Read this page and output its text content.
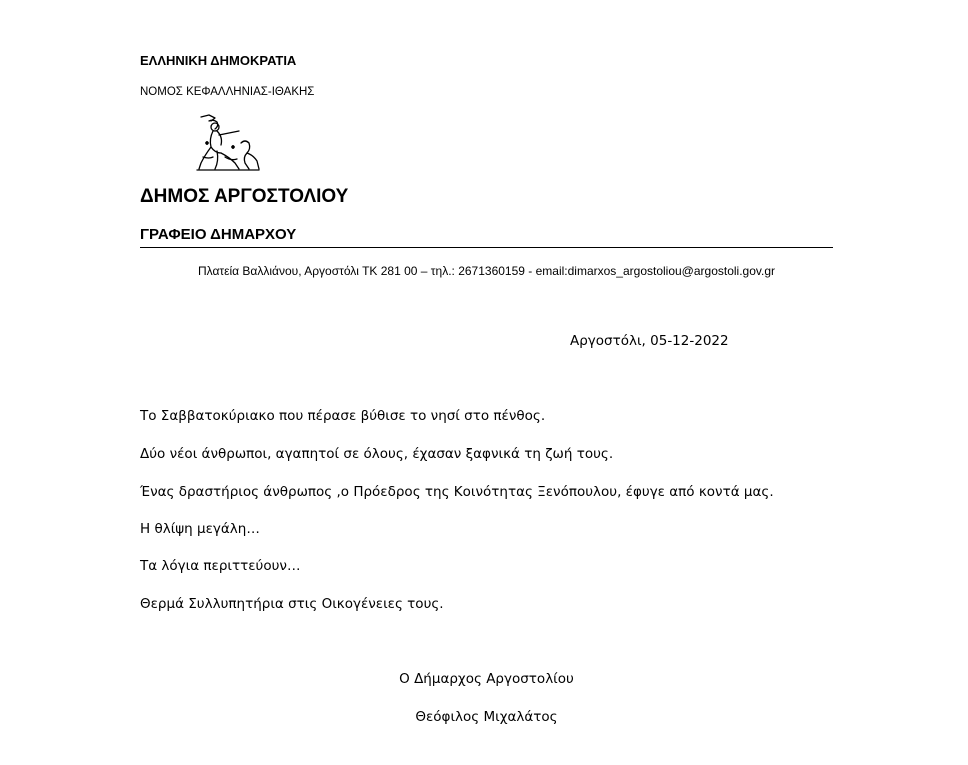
ΕΛΛΗΝΙΚΗ ΔΗΜΟΚΡΑΤΙΑ
ΝΟΜΟΣ ΚΕΦΑΛΛΗΝΙΑΣ-ΙΘΑΚΗΣ
ΔΗΜΟΣ ΑΡΓΟΣΤΟΛΙΟΥ
ΓΡΑΦΕΙΟ ΔΗΜΑΡΧΟΥ
Πλατεία Βαλλιάνου, Αργοστόλι ΤΚ 281 00 – τηλ.: 2671360159 - email:dimarxos_argostoliou@argostoli.gov.gr
Αργοστόλι, 05-12-2022
Το Σαββατοκύριακο που πέρασε βύθισε το νησί στο πένθος.
Δύο νέοι άνθρωποι, αγαπητοί σε όλους, έχασαν ξαφνικά τη ζωή τους.
Ένας δραστήριος άνθρωπος ,ο Πρόεδρος της Κοινότητας Ξενόπουλου, έφυγε από κοντά μας.
Η θλίψη μεγάλη…
Τα λόγια περιττεύουν…
Θερμά Συλλυπητήρια στις Οικογένειες τους.
Ο Δήμαρχος Αργοστολίου
Θεόφιλος Μιχαλάτος
